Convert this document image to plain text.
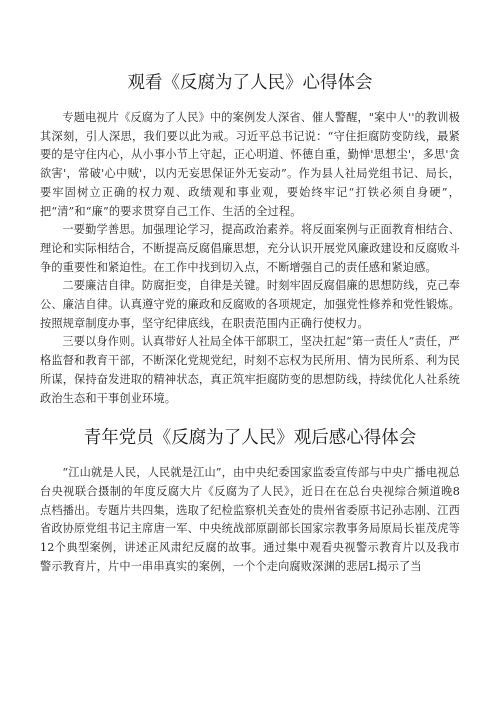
观看《反腐为了人民》心得体会

专题电视片《反腐为了人民》中的案例发人深省、催人警醒，"案中人''的教训极其深刻，引人深思，我们要以此为戒。习近平总书记说：“守住拒腐防变防线，最紧要的是守住内心，从小事小节上守起，正心明道、怀德自重，勤惮'思想尘'，多思'贪欲害'，常破'心中贼'，以内无妄思保证外无妄动”。作为县人社局党组书记、局长，要牢固树立正确的权力观、政绩观和事业观，要始终牢记“打铁必须自身硬”，把“清”和“廉”的要求贯穿自己工作、生活的全过程。

一要勤学善思。加强理论学习，提高政治素养。将反面案例与正面教育相结合、理论和实际相结合，不断提高反腐倡廉思想，充分认识开展党风廉政建设和反腐败斗争的重要性和紧迫性。在工作中找到切入点，不断增强自己的责任感和紧迫感。

二要廉洁自律。防腐拒变，自律是关键。时刻牢固反腐倡廉的思想防线，克己奉公、廉洁自律。认真遵守党的廉政和反腐败的各项规定，加强党性修养和党性锻炼。按照规章制度办事，坚守纪律底线，在职责范围内正确行使权力。

三要以身作则。认真带好人社局全体干部职工，坚决扛起“第一责任人”责任，严格监督和教育干部，不断深化党规党纪，时刻不忘权为民所用、情为民所系、利为民所谋，保持奋发进取的精神状态，真正筑牢拒腐防变的思想防线，持续优化人社系统政治生态和干事创业环境。

青年党员《反腐为了人民》观后感心得体会

“江山就是人民，人民就是江山”，由中央纪委国家监委宣传部与中央广播电视总台央视联合摄制的年度反腐大片《反腐为了人民》，近日在在总台央视综合频道晚8点档播出。专题片共四集，选取了纪检监察机关查处的贵州省委原书记孙志刚、江西省政协原党组书记主席唐一军、中央统战部原副部长国家宗教事务局原局长崔茂虎等12个典型案例，讲述正风肃纪反腐的故事。通过集中观看央视警示教育片以及我市警示教育片，片中一串串真实的案例，一个个走向腐败深渊的悲居L揭示了当
